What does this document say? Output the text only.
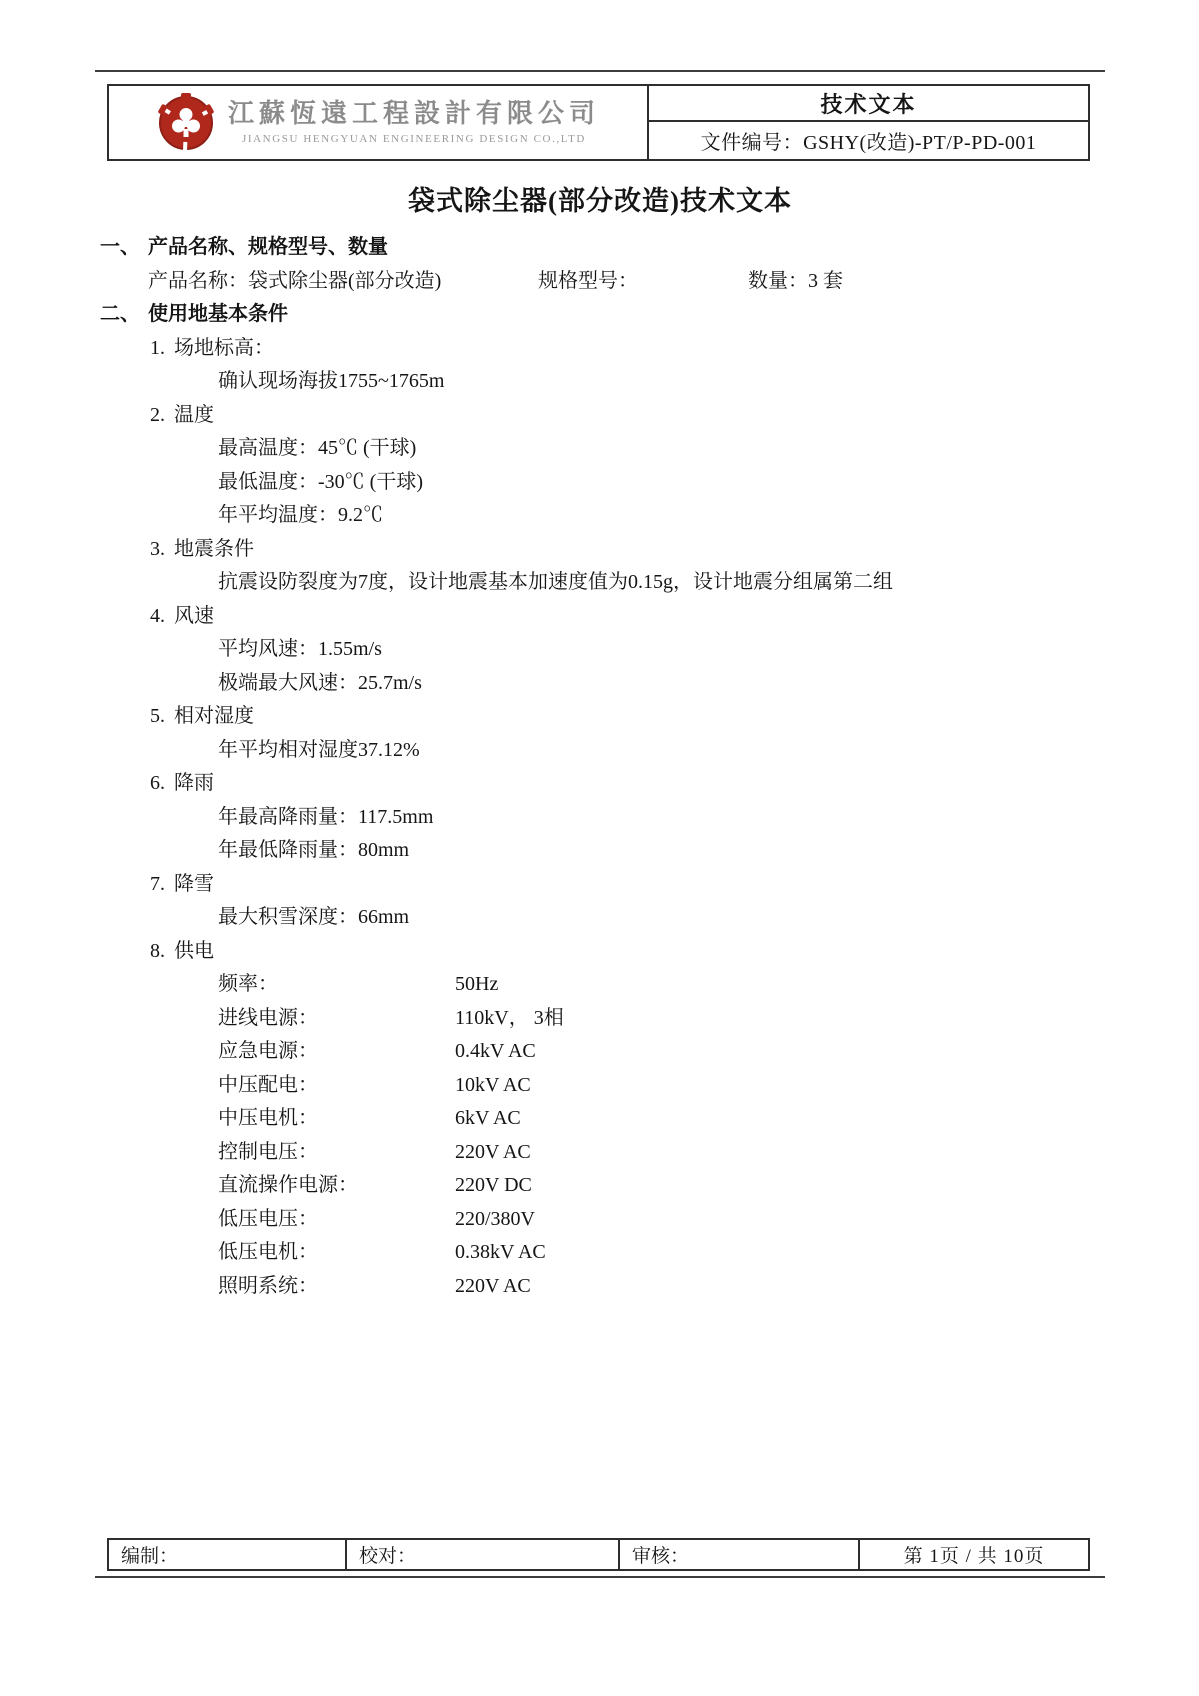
江蘇恆遠工程設計有限公司
JIANGSU HENGYUAN ENGINEERING DESIGN CO.,LTD
技术文本
文件编号：GSHY(改造)-PT/P-PD-001
袋式除尘器(部分改造)技术文本
一、 产品名称、规格型号、数量
产品名称：袋式除尘器(部分改造)	规格型号：	数量：3 套
二、 使用地基本条件
1. 场地标高：
确认现场海拔1755~1765m
2. 温度
最高温度：45℃ (干球)
最低温度：-30℃ (干球)
年平均温度：9.2℃
3. 地震条件
抗震设防裂度为7度，设计地震基本加速度值为0.15g，设计地震分组属第二组
4. 风速
平均风速：1.55m/s
极端最大风速：25.7m/s
5. 相对湿度
年平均相对湿度37.12%
6. 降雨
年最高降雨量：117.5mm
年最低降雨量：80mm
7. 降雪
最大积雪深度：66mm
8. 供电
频率：	50Hz
进线电源：	110kV， 3相
应急电源：	0.4kV AC
中压配电：	10kV AC
中压电机：	6kV AC
控制电压：	220V AC
直流操作电源：	220V DC
低压电压：	220/380V
低压电机：	0.38kV AC
照明系统：	220V AC
编制：	校对：	审核：	第 1页 / 共 10页
